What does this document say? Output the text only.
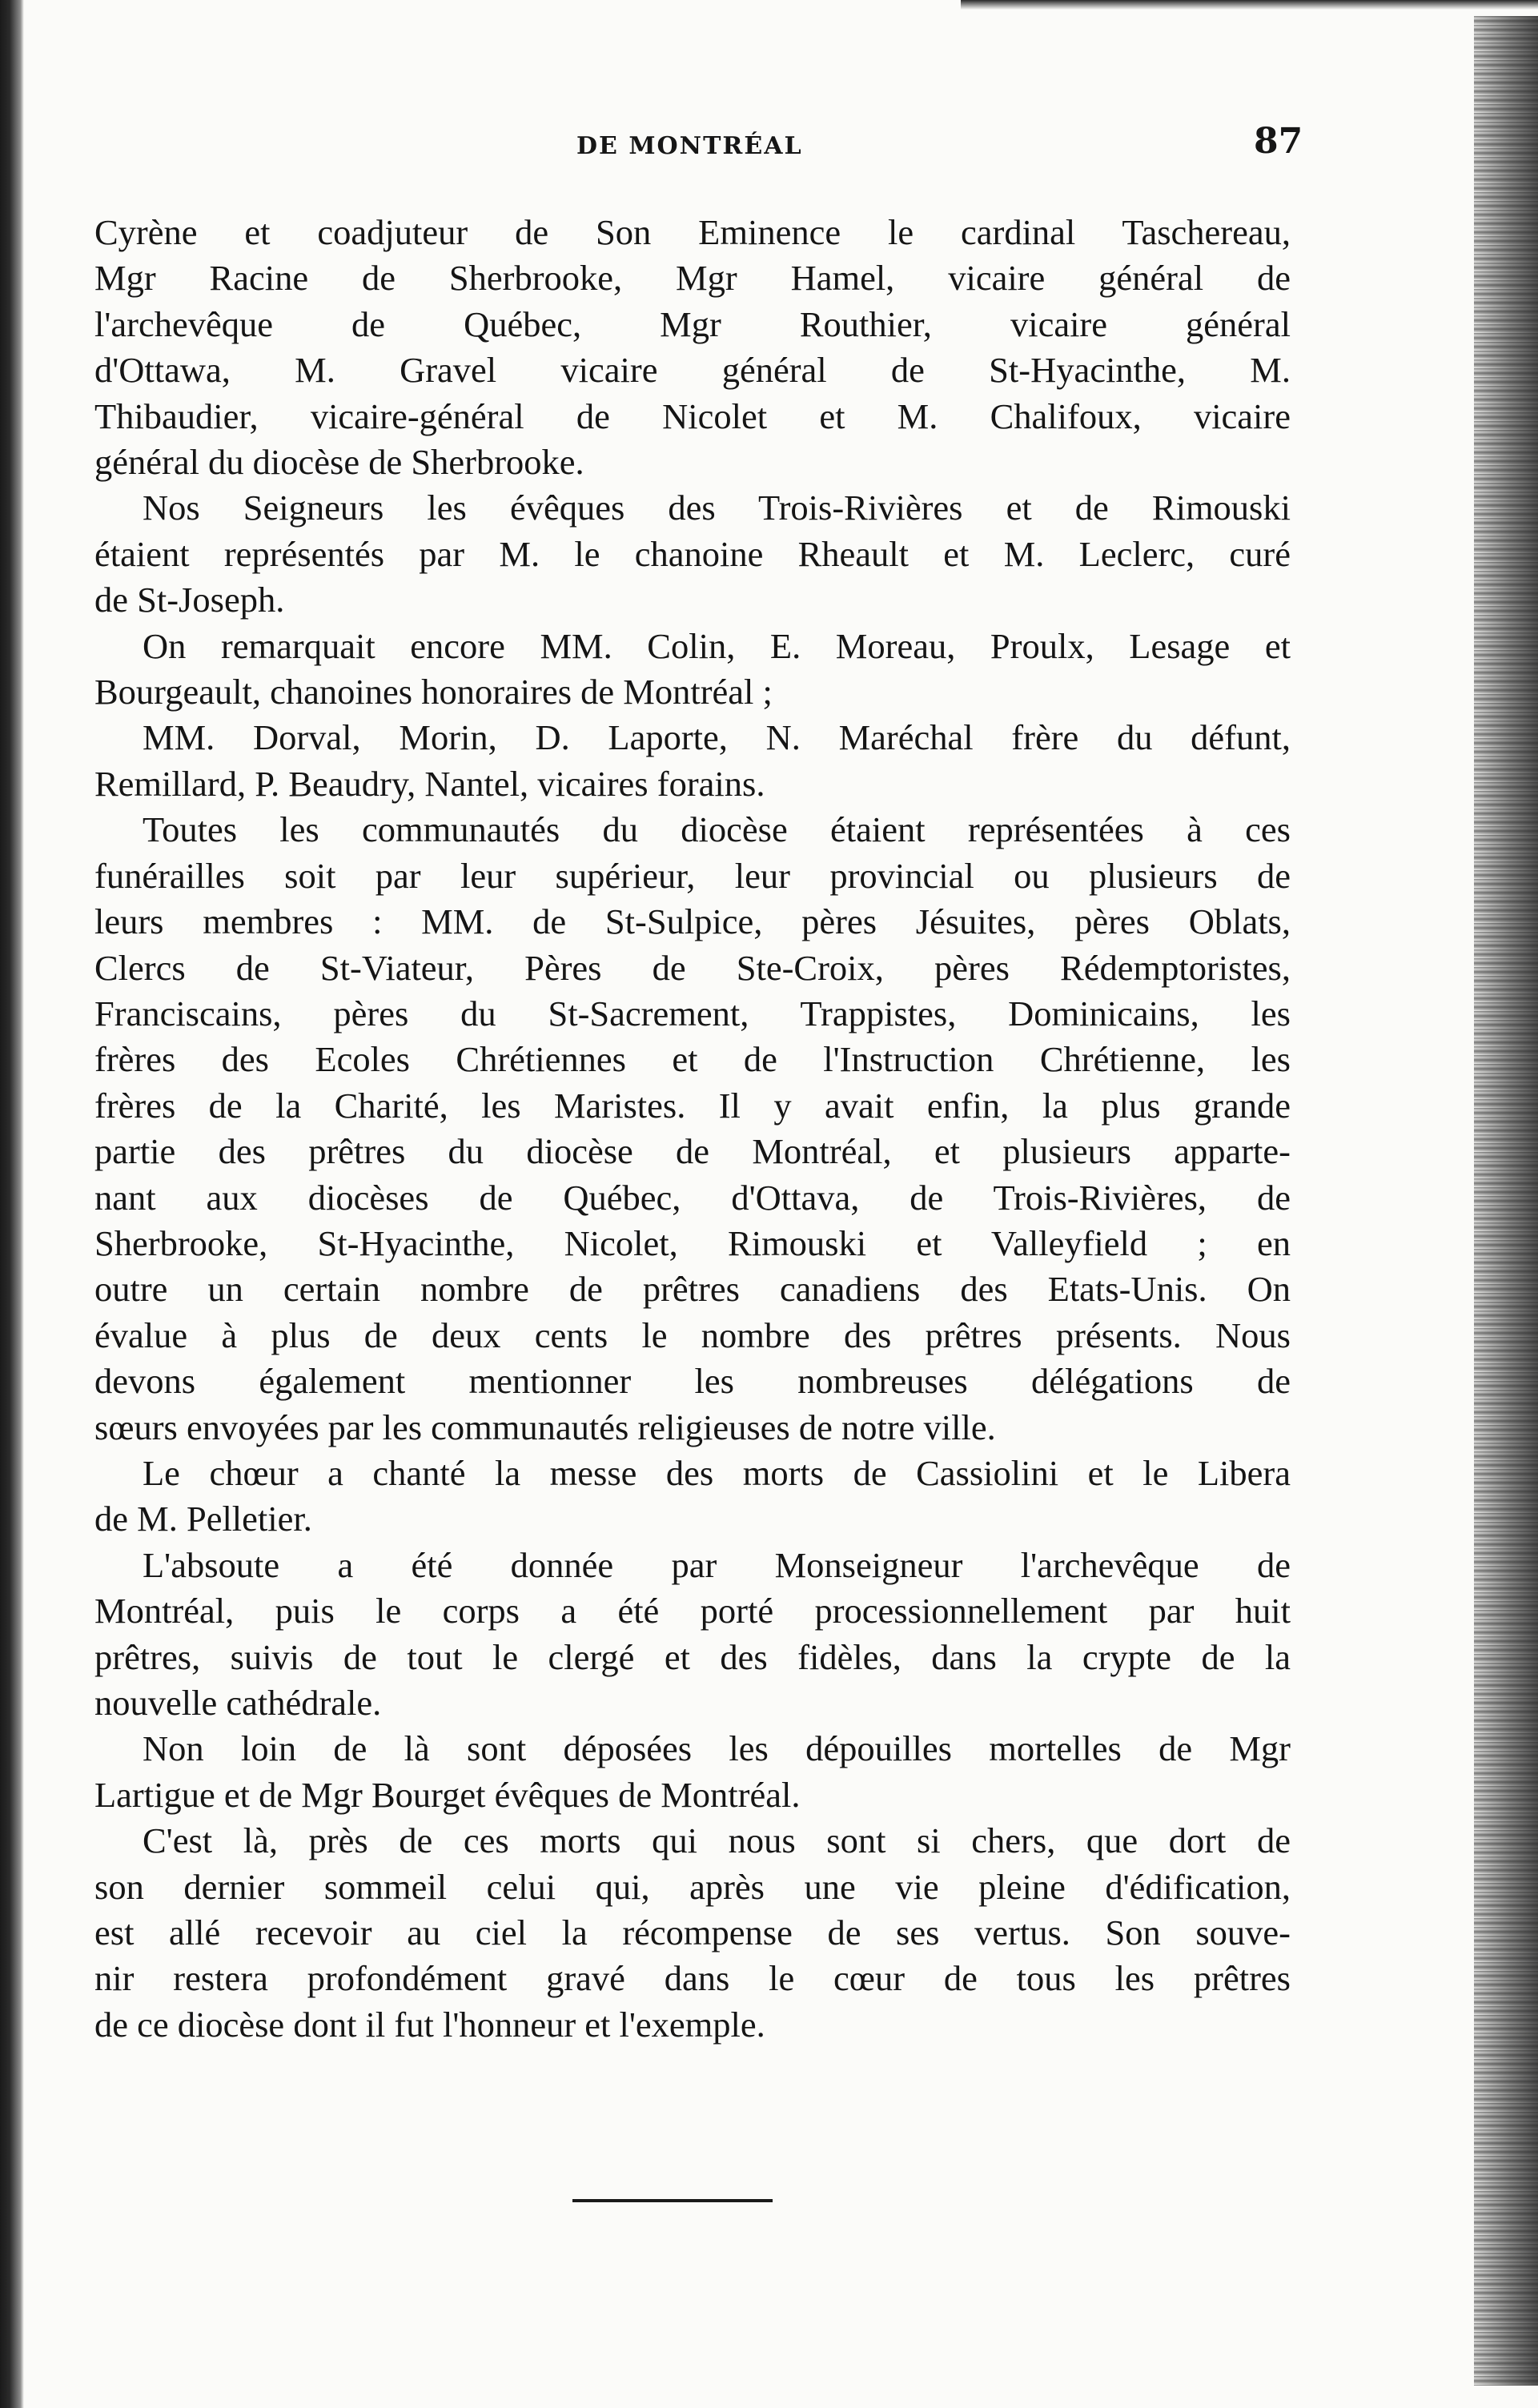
DE MONTRÉAL	87
Cyrène et coadjuteur de Son Eminence le cardinal Taschereau,
Mgr Racine de Sherbrooke, Mgr Hamel, vicaire général de
l'archevêque de Québec, Mgr Routhier, vicaire général
d'Ottawa, M. Gravel vicaire général de St-Hyacinthe, M.
Thibaudier, vicaire-général de Nicolet et M. Chalifoux, vicaire
général du diocèse de Sherbrooke.
Nos Seigneurs les évêques des Trois-Rivières et de Rimouski
étaient représentés par M. le chanoine Rheault et M. Leclerc, curé
de St-Joseph.
On remarquait encore MM. Colin, E. Moreau, Proulx, Lesage et
Bourgeault, chanoines honoraires de Montréal ;
MM. Dorval, Morin, D. Laporte, N. Maréchal frère du défunt,
Remillard, P. Beaudry, Nantel, vicaires forains.
Toutes les communautés du diocèse étaient représentées à ces
funérailles soit par leur supérieur, leur provincial ou plusieurs de
leurs membres : MM. de St-Sulpice, pères Jésuites, pères Oblats,
Clercs de St-Viateur, Pères de Ste-Croix, pères Rédemptoristes,
Franciscains, pères du St-Sacrement, Trappistes, Dominicains, les
frères des Ecoles Chrétiennes et de l'Instruction Chrétienne, les
frères de la Charité, les Maristes. Il y avait enfin, la plus grande
partie des prêtres du diocèse de Montréal, et plusieurs apparte-
nant aux diocèses de Québec, d'Ottava, de Trois-Rivières, de
Sherbrooke, St-Hyacinthe, Nicolet, Rimouski et Valleyfield ; en
outre un certain nombre de prêtres canadiens des Etats-Unis. On
évalue à plus de deux cents le nombre des prêtres présents. Nous
devons également mentionner les nombreuses délégations de
sœurs envoyées par les communautés religieuses de notre ville.
Le chœur a chanté la messe des morts de Cassiolini et le Libera
de M. Pelletier.
L'absoute a été donnée par Monseigneur l'archevêque de
Montréal, puis le corps a été porté processionnellement par huit
prêtres, suivis de tout le clergé et des fidèles, dans la crypte de la
nouvelle cathédrale.
Non loin de là sont déposées les dépouilles mortelles de Mgr
Lartigue et de Mgr Bourget évêques de Montréal.
C'est là, près de ces morts qui nous sont si chers, que dort de
son dernier sommeil celui qui, après une vie pleine d'édification,
est allé recevoir au ciel la récompense de ses vertus. Son souve-
nir restera profondément gravé dans le cœur de tous les prêtres
de ce diocèse dont il fut l'honneur et l'exemple.
